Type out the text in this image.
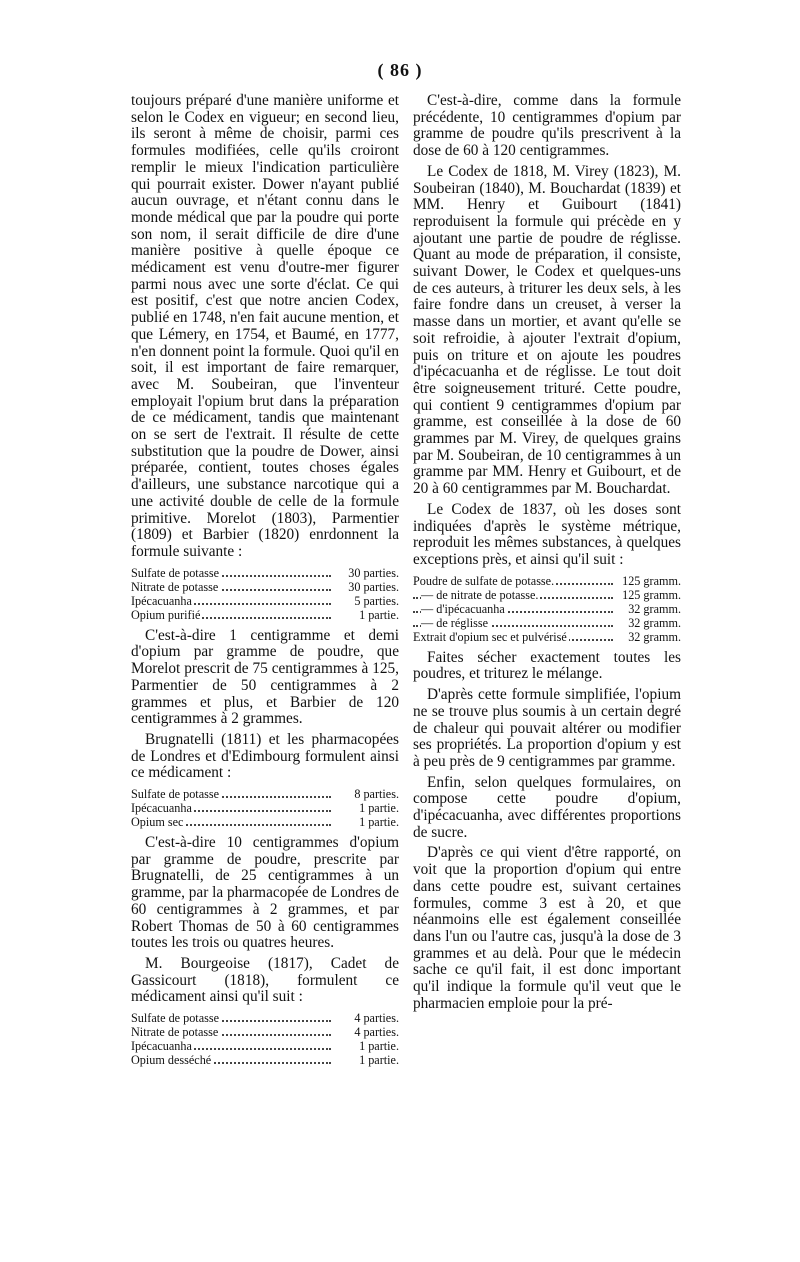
( 86 )

toujours préparé d'une manière uniforme et selon le Codex en vigueur; en second lieu, ils seront à même de choisir, parmi ces formules modifiées, celle qu'ils croiront remplir le mieux l'indication particulière qui pourrait exister. Dower n'ayant publié aucun ouvrage, et n'étant connu dans le monde médical que par la poudre qui porte son nom, il serait difficile de dire d'une manière positive à quelle époque ce médicament est venu d'outre-mer figurer parmi nous avec une sorte d'éclat. Ce qui est positif, c'est que notre ancien Codex, publié en 1748, n'en fait aucune mention, et que Lémery, en 1754, et Baumé, en 1777, n'en donnent point la formule. Quoi qu'il en soit, il est important de faire remarquer, avec M. Soubeiran, que l'inventeur employait l'opium brut dans la préparation de ce médicament, tandis que maintenant on se sert de l'extrait. Il résulte de cette substitution que la poudre de Dower, ainsi préparée, contient, toutes choses égales d'ailleurs, une substance narcotique qui a une activité double de celle de la formule primitive. Morelot (1803), Parmentier (1809) et Barbier (1820) enrdonnent la formule suivante :

Sulfate de potasse	30 parties.

Nitrate de potasse	30 parties.

Ipécacuanha	5 parties.

Opium purifié	1 partie.

C'est-à-dire 1 centigramme et demi d'opium par gramme de poudre, que Morelot prescrit de 75 centigrammes à 125, Parmentier de 50 centigrammes à 2 grammes et plus, et Barbier de 120 centigrammes à 2 grammes.

Brugnatelli (1811) et les pharmacopées de Londres et d'Edimbourg formulent ainsi ce médicament :

Sulfate de potasse	8 parties.

Ipécacuanha	1 partie.

Opium sec	1 partie.

C'est-à-dire 10 centigrammes d'opium par gramme de poudre, prescrite par Brugnatelli, de 25 centigrammes à un gramme, par la pharmacopée de Londres de 60 centigrammes à 2 grammes, et par Robert Thomas de 50 à 60 centigrammes toutes les trois ou quatres heures.

M. Bourgeoise (1817), Cadet de Gassicourt (1818), formulent ce médicament ainsi qu'il suit :

Sulfate de potasse	4 parties.

Nitrate de potasse	4 parties.

Ipécacuanha	1 partie.

Opium desséché	1 partie.

C'est-à-dire, comme dans la formule précédente, 10 centigrammes d'opium par gramme de poudre qu'ils prescrivent à la dose de 60 à 120 centigrammes.

Le Codex de 1818, M. Virey (1823), M. Soubeiran (1840), M. Bouchardat (1839) et MM. Henry et Guibourt (1841) reproduisent la formule qui précède en y ajoutant une partie de poudre de réglisse. Quant au mode de préparation, il consiste, suivant Dower, le Codex et quelques-uns de ces auteurs, à triturer les deux sels, à les faire fondre dans un creuset, à verser la masse dans un mortier, et avant qu'elle se soit refroidie, à ajouter l'extrait d'opium, puis on triture et on ajoute les poudres d'ipécacuanha et de réglisse. Le tout doit être soigneusement trituré. Cette poudre, qui contient 9 centigrammes d'opium par gramme, est conseillée à la dose de 60 grammes par M. Virey, de quelques grains par M. Soubeiran, de 10 centigrammes à un gramme par MM. Henry et Guibourt, et de 20 à 60 centigrammes par M. Bouchardat.

Le Codex de 1837, où les doses sont indiquées d'après le système métrique, reproduit les mêmes substances, à quelques exceptions près, et ainsi qu'il suit :

Poudre de sulfate de potasse.	125 gramm.

— de nitrate de potasse.	125 gramm.

— d'ipécacuanha	32 gramm.

— de réglisse	32 gramm.

Extrait d'opium sec et pulvérisé	32 gramm.

Faites sécher exactement toutes les poudres, et triturez le mélange.

D'après cette formule simplifiée, l'opium ne se trouve plus soumis à un certain degré de chaleur qui pouvait altérer ou modifier ses propriétés. La proportion d'opium y est à peu près de 9 centigrammes par gramme.

Enfin, selon quelques formulaires, on compose cette poudre d'opium, d'ipécacuanha, avec différentes proportions de sucre.

D'après ce qui vient d'être rapporté, on voit que la proportion d'opium qui entre dans cette poudre est, suivant certaines formules, comme 3 est à 20, et que néanmoins elle est également conseillée dans l'un ou l'autre cas, jusqu'à la dose de 3 grammes et au delà. Pour que le médecin sache ce qu'il fait, il est donc important qu'il indique la formule qu'il veut que le pharmacien emploie pour la pré-
